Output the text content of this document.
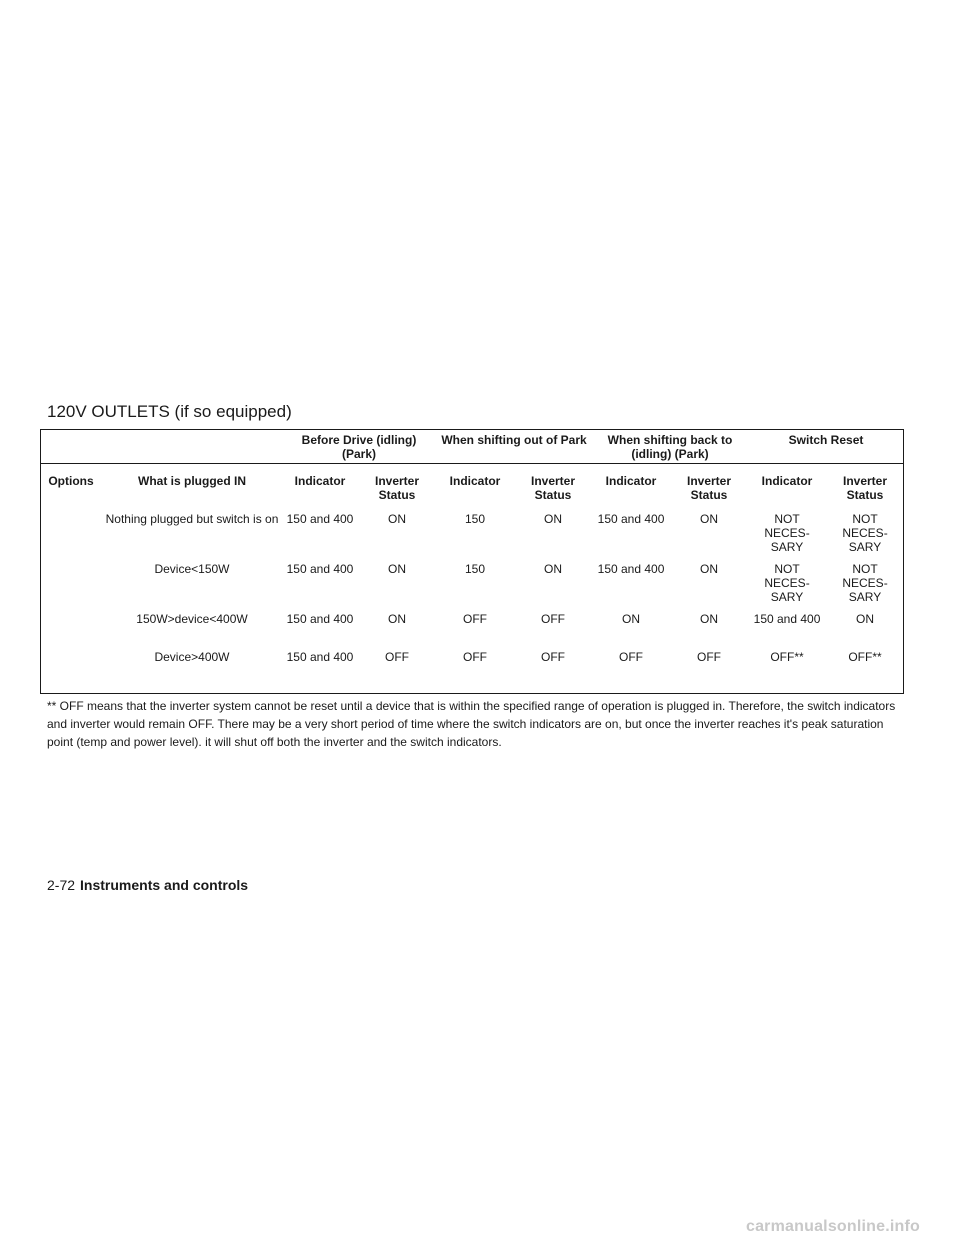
120V OUTLETS (if so equipped)
		Before Drive (idling) (Park)		When shifting out of Park		When shifting back to (idling) (Park)		Switch Reset	
Options	What is plugged IN	Indicator	Inverter Status	Indicator	Inverter Status	Indicator	Inverter Status	Indicator	Inverter Status
	Nothing plugged but switch is on	150 and 400	ON	150	ON	150 and 400	ON	NOT NECES-SARY	NOT NECES-SARY
	Device<150W	150 and 400	ON	150	ON	150 and 400	ON	NOT NECES-SARY	NOT NECES-SARY
	150W>device<400W	150 and 400	ON	OFF	OFF	ON	ON	150 and 400	ON
	Device>400W	150 and 400	OFF	OFF	OFF	OFF	OFF	OFF**	OFF**

** OFF means that the inverter system cannot be reset until a device that is within the specified range of operation is plugged in. Therefore, the switch indicators and inverter would remain OFF. There may be a very short period of time where the switch indicators are on, but once the inverter reaches it's peak saturation point (temp and power level). it will shut off both the inverter and the switch indicators.

2-72 Instruments and controls
carmanualsonline.info
